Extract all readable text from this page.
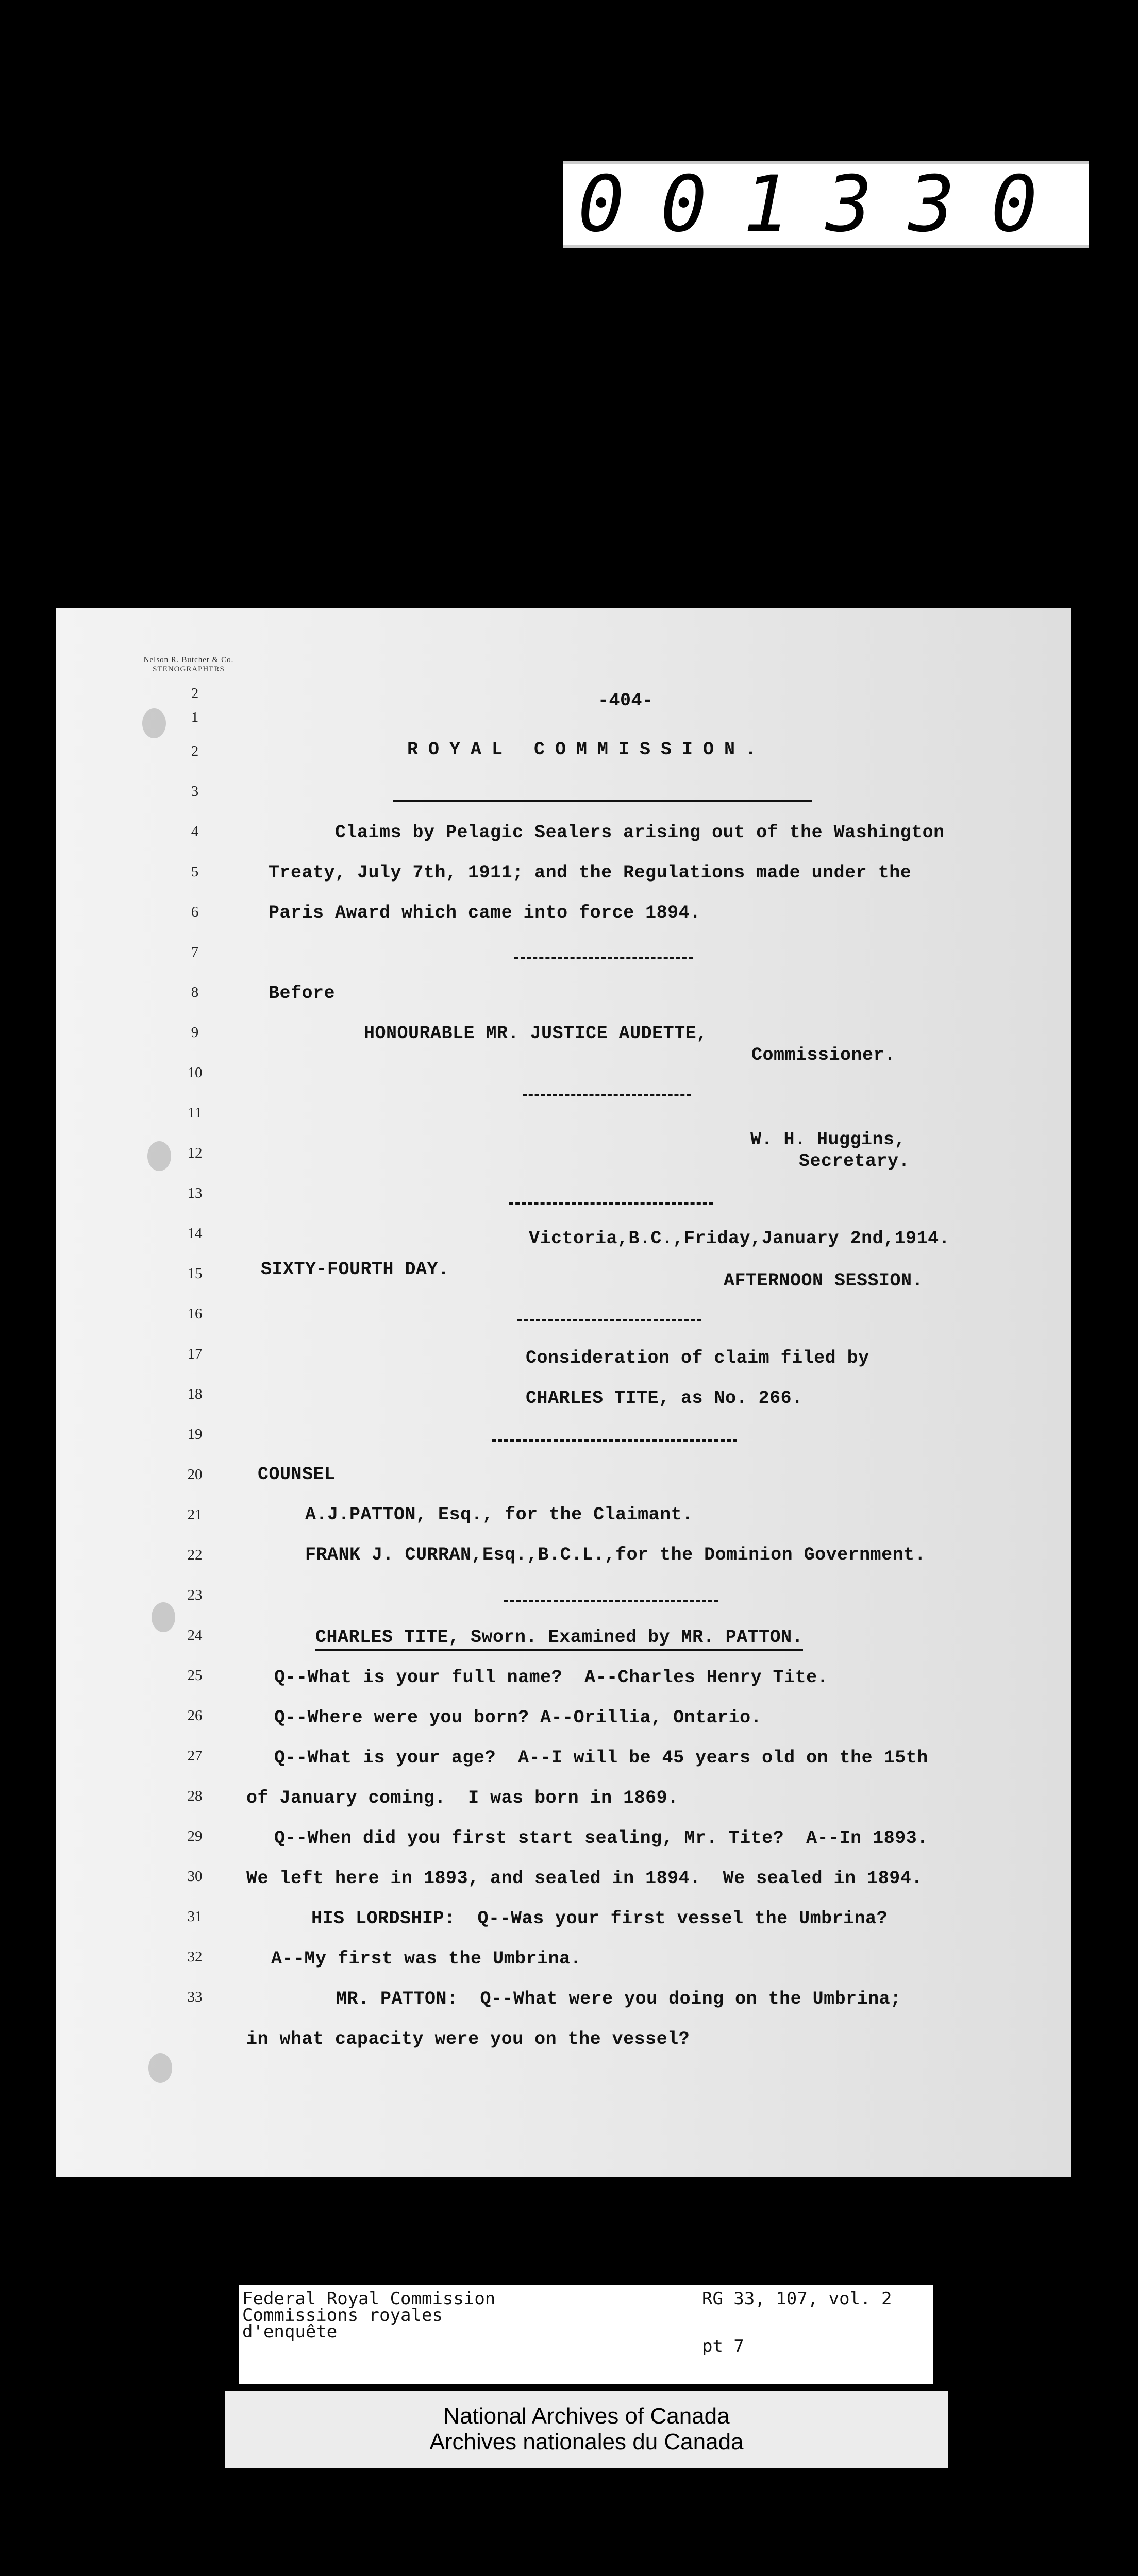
001330
Nelson R. Butcher & Co.
STENOGRAPHERS
2
1
2
3
4
5
6
7
8
9
10
11
12
13
14
15
16
17
18
19
20
21
22
23
24
25
26
27
28
29
30
31
32
33
-404-
ROYAL COMMISSION.
Claims by Pelagic Sealers arising out of the Washington
Treaty, July 7th, 1911; and the Regulations made under the
Paris Award which came into force 1894.
Before
HONOURABLE MR. JUSTICE AUDETTE,
Commissioner.
W. H. Huggins,
Secretary.
Victoria,B.C.,Friday,January 2nd,1914.
SIXTY-FOURTH DAY.
AFTERNOON SESSION.
Consideration of claim filed by
CHARLES TITE, as No. 266.
COUNSEL
A.J.PATTON, Esq., for the Claimant.
FRANK J. CURRAN,Esq.,B.C.L.,for the Dominion Government.
CHARLES TITE, Sworn. Examined by MR. PATTON.
Q--What is your full name?  A--Charles Henry Tite.
Q--Where were you born? A--Orillia, Ontario.
Q--What is your age?  A--I will be 45 years old on the 15th
of January coming.  I was born in 1869.
Q--When did you first start sealing, Mr. Tite?  A--In 1893.
We left here in 1893, and sealed in 1894.  We sealed in 1894.
HIS LORDSHIP:  Q--Was your first vessel the Umbrina?
A--My first was the Umbrina.
MR. PATTON:  Q--What were you doing on the Umbrina;
in what capacity were you on the vessel?
Federal Royal Commission
Commissions royales
d'enquête
RG 33, 107, vol. 2
pt 7
National Archives of Canada
Archives nationales du Canada
